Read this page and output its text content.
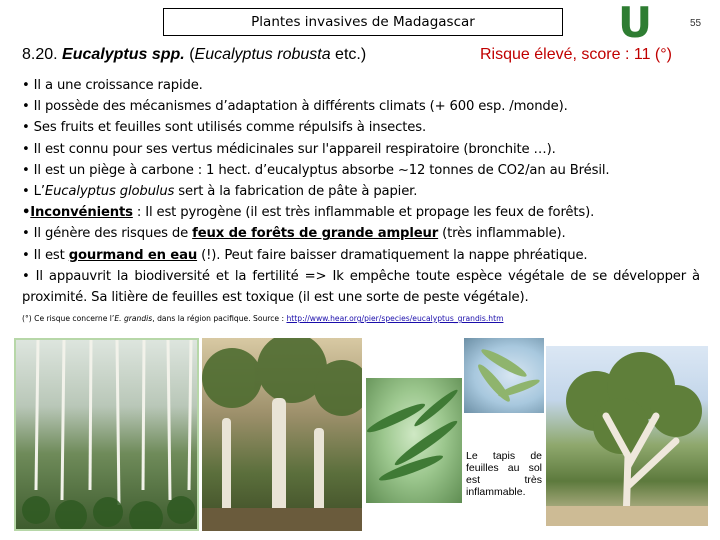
Plantes invasives de Madagascar	U	55
8.20. Eucalyptus spp. (Eucalyptus robusta etc.)	Risque élevé, score : 11 (°)

• Il a une croissance rapide.

• Il possède des mécanismes d’adaptation à différents climats (+ 600 esp. /monde).

• Ses fruits et feuilles sont utilisés comme répulsifs à insectes.

• Il est connu pour ses vertus médicinales sur l'appareil respiratoire (bronchite …).

• Il est un piège à carbone : 1 hect. d’eucalyptus absorbe ~12 tonnes de CO2/an au Brésil.

• L’Eucalyptus globulus sert à la fabrication de pâte à papier.

•Inconvénients : Il est pyrogène (il est très inflammable et propage les feux de forêts).

• Il génère des risques de feux de forêts de grande ampleur (très inflammable).

• Il est gourmand en eau (!). Peut faire baisser dramatiquement la nappe phréatique.

• Il appauvrit la biodiversité et la fertilité => Ik empêche toute espèce végétale de se développer à proximité. Sa litière de feuilles est toxique (il est une sorte de peste végétale).

(°) Ce risque concerne l’E. grandis, dans la région pacifique. Source : http://www.hear.org/pier/species/eucalyptus_grandis.htm
Le tapis de feuilles au sol est très inflammable.
